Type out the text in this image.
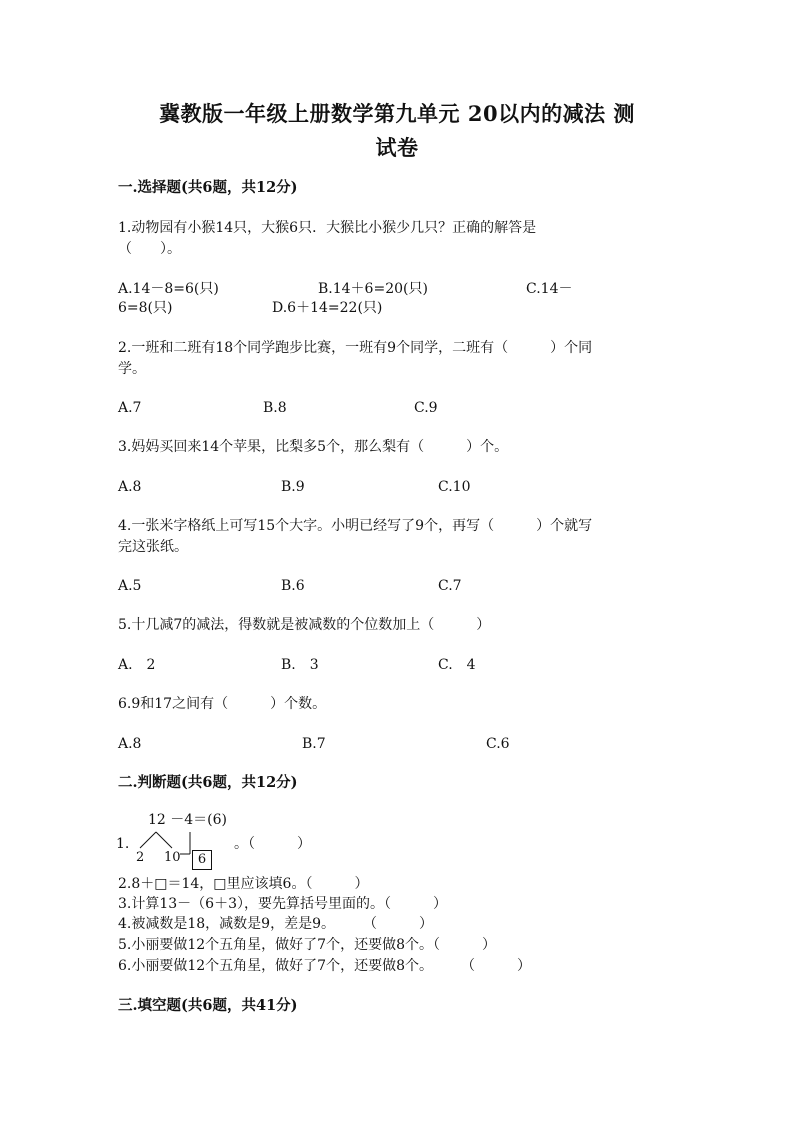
冀教版一年级上册数学第九单元 20以内的减法 测
试卷
一.选择题(共6题，共12分)
1.动物园有小猴14只，大猴6只．大猴比小猴少几只？正确的解答是
（　　）。
A.14－8=6(只)	B.14＋6=20(只)	C.14－
6=8(只)	D.6＋14=22(只)
2.一班和二班有18个同学跑步比赛，一班有9个同学，二班有（　　　）个同
学。
A.7	B.8	C.9
3.妈妈买回来14个苹果，比梨多5个，那么梨有（　　　）个。
A.8	B.9	C.10
4.一张米字格纸上可写15个大字。小明已经写了9个，再写（　　　）个就写
完这张纸。
A.5	B.6	C.7
5.十几减7的减法，得数就是被减数的个位数加上（　　　）
A.　2	B.　3	C.　4
6.9和17之间有（　　　）个数。
A.8	B.7	C.6
二.判断题(共6题，共12分)
1.
12 －4＝(6)
2 10	6
。（　　　）
2.8＋□＝14，□里应该填6。（　　　）
3.计算13－（6＋3），要先算括号里面的。（　　　）
4.被减数是18，减数是9，差是9。　　　（　　　）
5.小丽要做12个五角星，做好了7个，还要做8个。（　　　）
6.小丽要做12个五角星，做好了7个，还要做8个。　　　（　　　）
三.填空题(共6题，共41分)
